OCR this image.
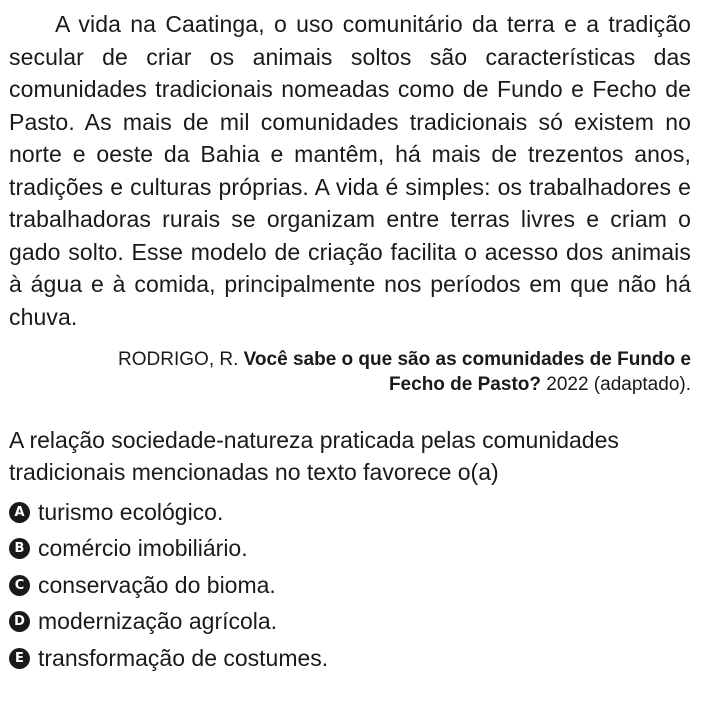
A vida na Caatinga, o uso comunitário da terra e a tradição secular de criar os animais soltos são características das comunidades tradicionais nomeadas como de Fundo e Fecho de Pasto. As mais de mil comunidades tradicionais só existem no norte e oeste da Bahia e mantêm, há mais de trezentos anos, tradições e culturas próprias. A vida é simples: os trabalhadores e trabalhadoras rurais se organizam entre terras livres e criam o gado solto. Esse modelo de criação facilita o acesso dos animais à água e à comida, principalmente nos períodos em que não há chuva.

RODRIGO, R. Você sabe o que são as comunidades de Fundo e Fecho de Pasto? 2022 (adaptado).

A relação sociedade-natureza praticada pelas comunidades tradicionais mencionadas no texto favorece o(a)

A turismo ecológico.
B comércio imobiliário.
C conservação do bioma.
D modernização agrícola.
E transformação de costumes.
